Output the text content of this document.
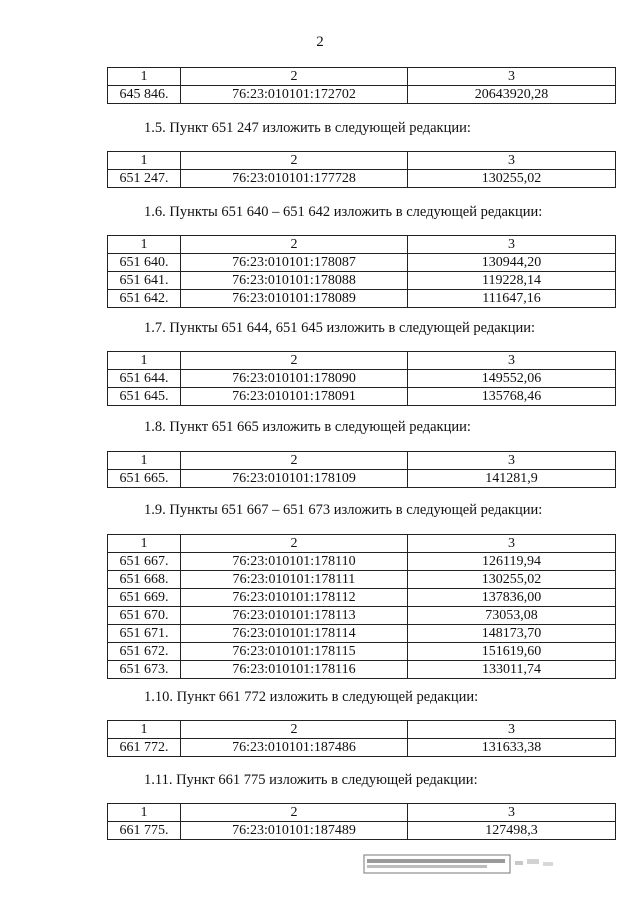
2
1	2	3
645 846.	76:23:010101:172702	20643920,28
1.5. Пункт 651 247 изложить в следующей редакции:
1	2	3
651 247.	76:23:010101:177728	130255,02
1.6. Пункты 651 640 – 651 642 изложить в следующей редакции:
1	2	3
651 640.	76:23:010101:178087	130944,20
651 641.	76:23:010101:178088	119228,14
651 642.	76:23:010101:178089	111647,16
1.7. Пункты 651 644, 651 645 изложить в следующей редакции:
1	2	3
651 644.	76:23:010101:178090	149552,06
651 645.	76:23:010101:178091	135768,46
1.8. Пункт 651 665 изложить в следующей редакции:
1	2	3
651 665.	76:23:010101:178109	141281,9
1.9. Пункты 651 667 – 651 673 изложить в следующей редакции:
1	2	3
651 667.	76:23:010101:178110	126119,94
651 668.	76:23:010101:178111	130255,02
651 669.	76:23:010101:178112	137836,00
651 670.	76:23:010101:178113	73053,08
651 671.	76:23:010101:178114	148173,70
651 672.	76:23:010101:178115	151619,60
651 673.	76:23:010101:178116	133011,74
1.10. Пункт 661 772 изложить в следующей редакции:
1	2	3
661 772.	76:23:010101:187486	131633,38
1.11. Пункт 661 775 изложить в следующей редакции:
1	2	3
661 775.	76:23:010101:187489	127498,3
